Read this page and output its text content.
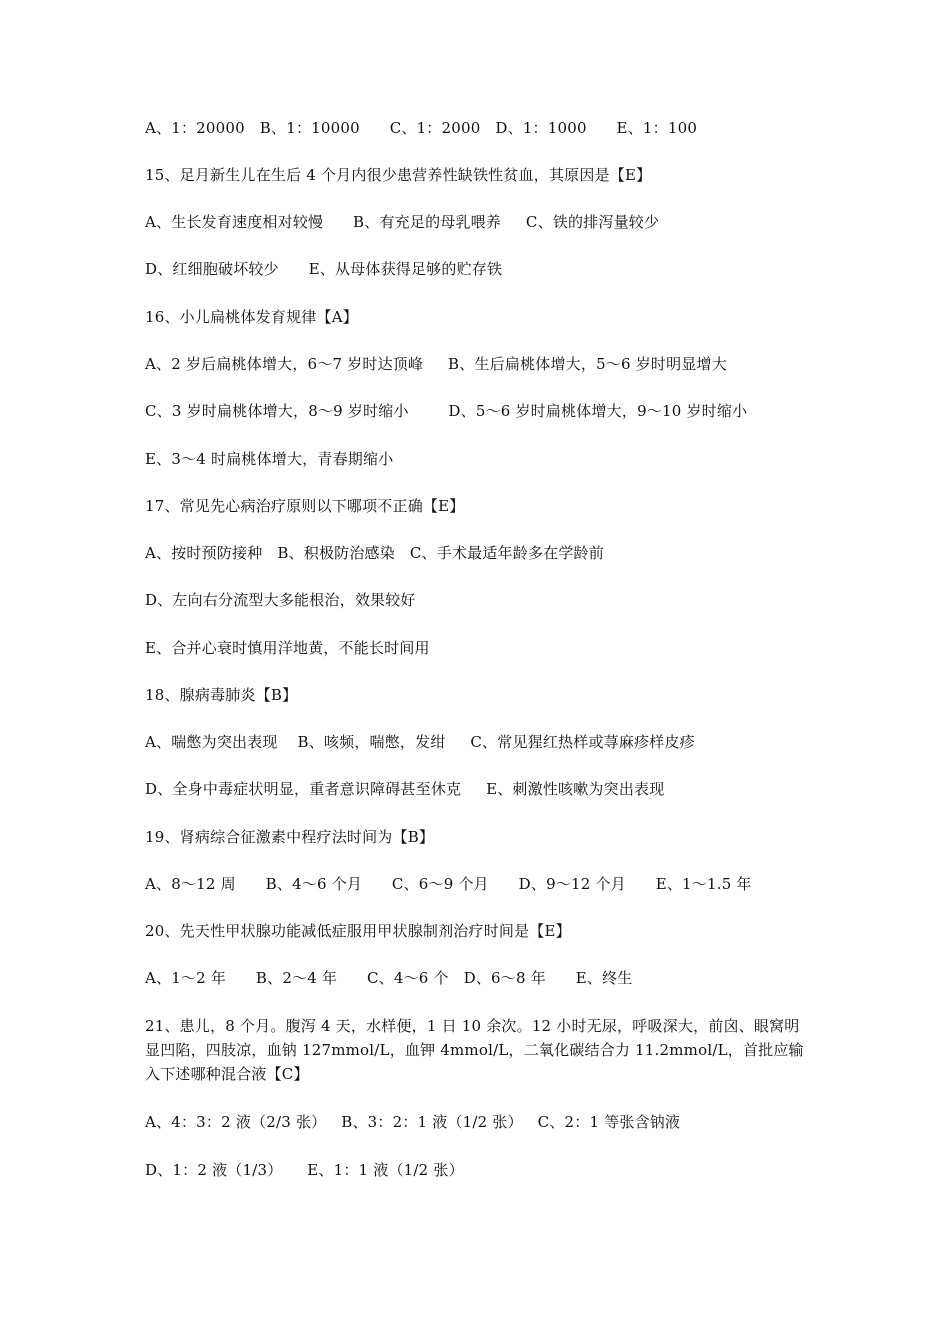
A、1：20000   B、1：10000      C、1：2000   D、1：1000      E、1：100
15、足月新生儿在生后 4 个月内很少患营养性缺铁性贫血，其原因是【E】
A、生长发育速度相对较慢      B、有充足的母乳喂养     C、铁的排泻量较少
D、红细胞破坏较少      E、从母体获得足够的贮存铁
16、小儿扁桃体发育规律【A】
A、2 岁后扁桃体增大，6～7 岁时达顶峰     B、生后扁桃体增大，5～6 岁时明显增大
C、3 岁时扁桃体增大，8～9 岁时缩小        D、5～6 岁时扁桃体增大，9～10 岁时缩小
E、3～4 时扁桃体增大，青春期缩小
17、常见先心病治疗原则以下哪项不正确【E】
A、按时预防接种   B、积极防治感染   C、手术最适年龄多在学龄前
D、左向右分流型大多能根治，效果较好
E、合并心衰时慎用洋地黄，不能长时间用
18、腺病毒肺炎【B】
A、喘憋为突出表现    B、咳频，喘憋，发绀     C、常见猩红热样或荨麻疹样皮疹
D、全身中毒症状明显，重者意识障碍甚至休克     E、刺激性咳嗽为突出表现
19、肾病综合征激素中程疗法时间为【B】
A、8～12 周      B、4～6 个月      C、6～9 个月      D、9～12 个月      E、1～1.5 年
20、先天性甲状腺功能减低症服用甲状腺制剂治疗时间是【E】
A、1～2 年      B、2～4 年      C、4～6 个   D、6～8 年      E、终生
21、患儿，8 个月。腹泻 4 天，水样便，1 日 10 余次。12 小时无尿，呼吸深大，前囟、眼窝明显凹陷，四肢凉，血钠 127mmol/L，血钾 4mmol/L，二氧化碳结合力 11.2mmol/L，首批应输入下述哪种混合液【C】
A、4：3：2 液（2/3 张）   B、3：2：1 液（1/2 张）   C、2：1 等张含钠液
D、1：2 液（1/3）     E、1：1 液（1/2 张）
